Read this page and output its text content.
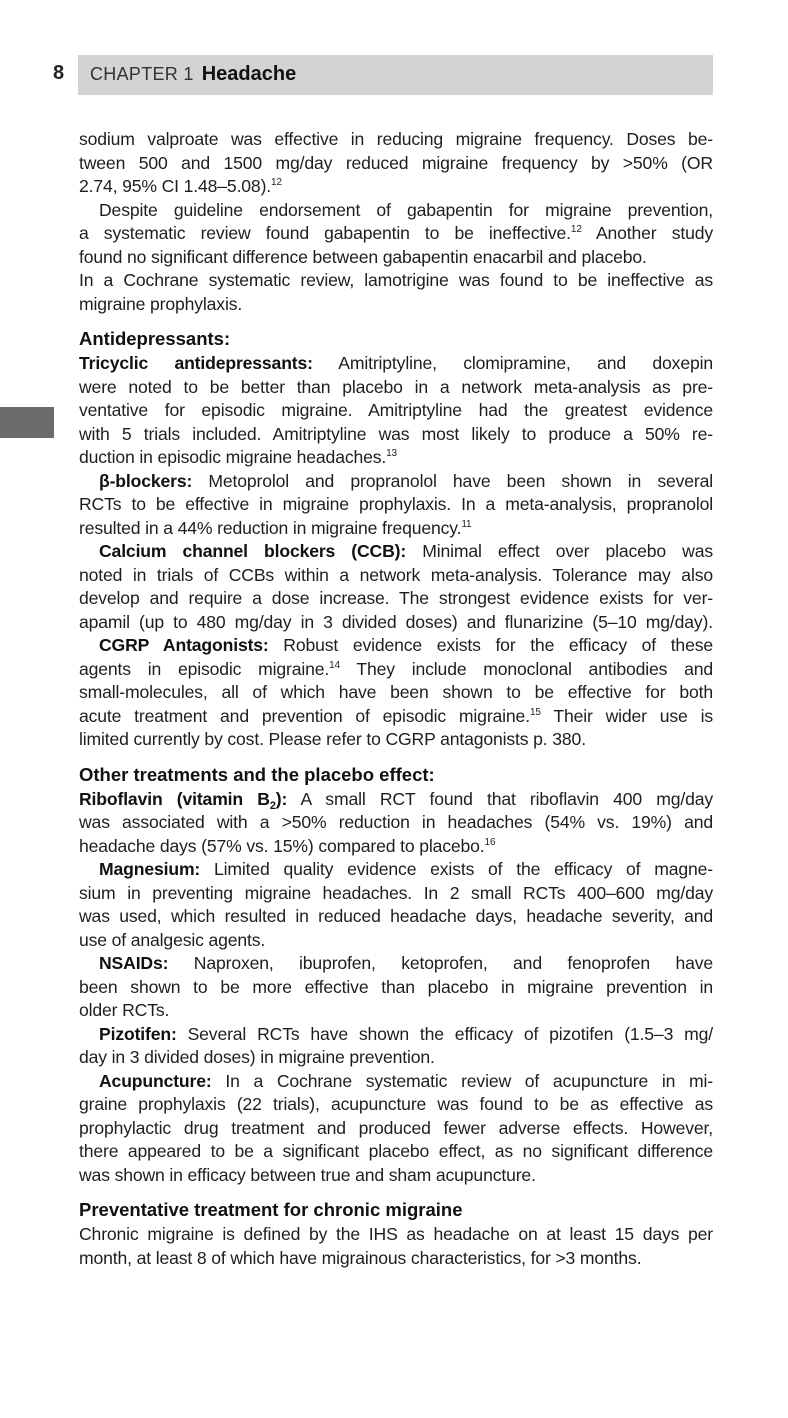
8 CHAPTER 1 Headache
sodium valproate was effective in reducing migraine frequency. Doses be-
tween 500 and 1500 mg/day reduced migraine frequency by >50% (OR
2.74, 95% CI 1.48–5.08).$^{12}$
Despite guideline endorsement of gabapentin for migraine prevention,
a systematic review found gabapentin to be ineffective.$^{12}$ Another study
found no significant difference between gabapentin enacarbil and placebo.
In a Cochrane systematic review, lamotrigine was found to be ineffective as
migraine prophylaxis.
Antidepressants:
Tricyclic antidepressants: Amitriptyline, clomipramine, and doxepin
were noted to be better than placebo in a network meta-analysis as pre-
ventative for episodic migraine. Amitriptyline had the greatest evidence
with 5 trials included. Amitriptyline was most likely to produce a 50% re-
duction in episodic migraine headaches.$^{13}$
β-blockers: Metoprolol and propranolol have been shown in several
RCTs to be effective in migraine prophylaxis. In a meta-analysis, propranolol
resulted in a 44% reduction in migraine frequency.$^{11}$
Calcium channel blockers (CCB): Minimal effect over placebo was
noted in trials of CCBs within a network meta-analysis. Tolerance may also
develop and require a dose increase. The strongest evidence exists for ver-
apamil (up to 480 mg/day in 3 divided doses) and flunarizine (5–10 mg/day).
CGRP Antagonists: Robust evidence exists for the efficacy of these
agents in episodic migraine.$^{14}$ They include monoclonal antibodies and
small-molecules, all of which have been shown to be effective for both
acute treatment and prevention of episodic migraine.$^{15}$ Their wider use is
limited currently by cost. Please refer to CGRP antagonists p. 380.
Other treatments and the placebo effect:
Riboflavin (vitamin $B_2$): A small RCT found that riboflavin 400 mg/day
was associated with a >50% reduction in headaches (54% vs. 19%) and
headache days (57% vs. 15%) compared to placebo.$^{16}$
Magnesium: Limited quality evidence exists of the efficacy of magne-
sium in preventing migraine headaches. In 2 small RCTs 400–600 mg/day
was used, which resulted in reduced headache days, headache severity, and
use of analgesic agents.
NSAIDs: Naproxen, ibuprofen, ketoprofen, and fenoprofen have
been shown to be more effective than placebo in migraine prevention in
older RCTs.
Pizotifen: Several RCTs have shown the efficacy of pizotifen (1.5–3 mg/
day in 3 divided doses) in migraine prevention.
Acupuncture: In a Cochrane systematic review of acupuncture in mi-
graine prophylaxis (22 trials), acupuncture was found to be as effective as
prophylactic drug treatment and produced fewer adverse effects. However,
there appeared to be a significant placebo effect, as no significant difference
was shown in efficacy between true and sham acupuncture.
Preventative treatment for chronic migraine
Chronic migraine is defined by the IHS as headache on at least 15 days per
month, at least 8 of which have migrainous characteristics, for >3 months.
